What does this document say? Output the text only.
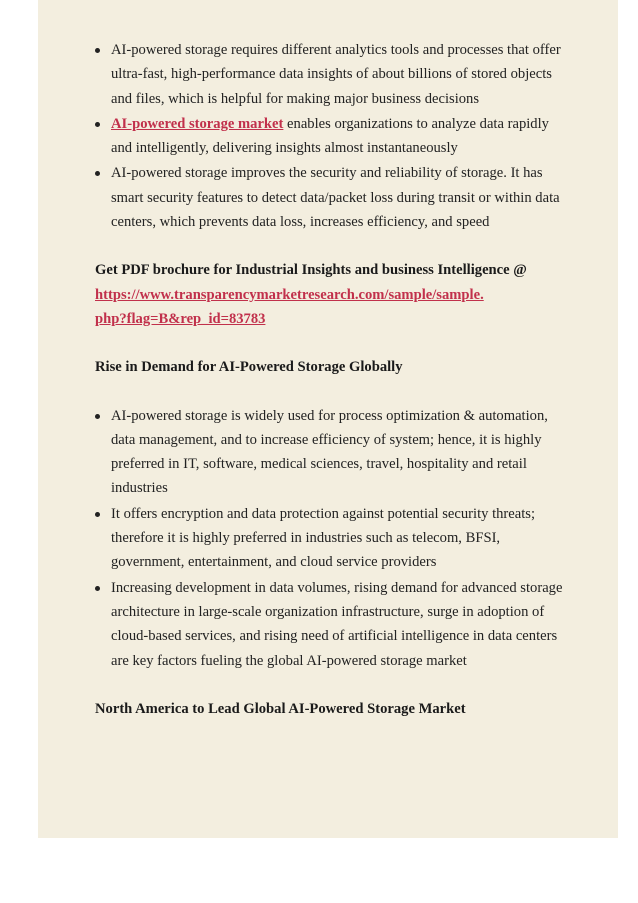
AI-powered storage requires different analytics tools and processes that offer ultra-fast, high-performance data insights of about billions of stored objects and files, which is helpful for making major business decisions
AI-powered storage market enables organizations to analyze data rapidly and intelligently, delivering insights almost instantaneously
AI-powered storage improves the security and reliability of storage. It has smart security features to detect data/packet loss during transit or within data centers, which prevents data loss, increases efficiency, and speed

Get PDF brochure for Industrial Insights and business Intelligence @
https://www.transparencymarketresearch.com/sample/sample.
php?flag=B&rep_id=83783

Rise in Demand for AI-Powered Storage Globally

AI-powered storage is widely used for process optimization & automation, data management, and to increase efficiency of system; hence, it is highly preferred in IT, software, medical sciences, travel, hospitality and retail industries
It offers encryption and data protection against potential security threats; therefore it is highly preferred in industries such as telecom, BFSI, government, entertainment, and cloud service providers
Increasing development in data volumes, rising demand for advanced storage architecture in large-scale organization infrastructure, surge in adoption of cloud-based services, and rising need of artificial intelligence in data centers are key factors fueling the global AI-powered storage market

North America to Lead Global AI-Powered Storage Market
